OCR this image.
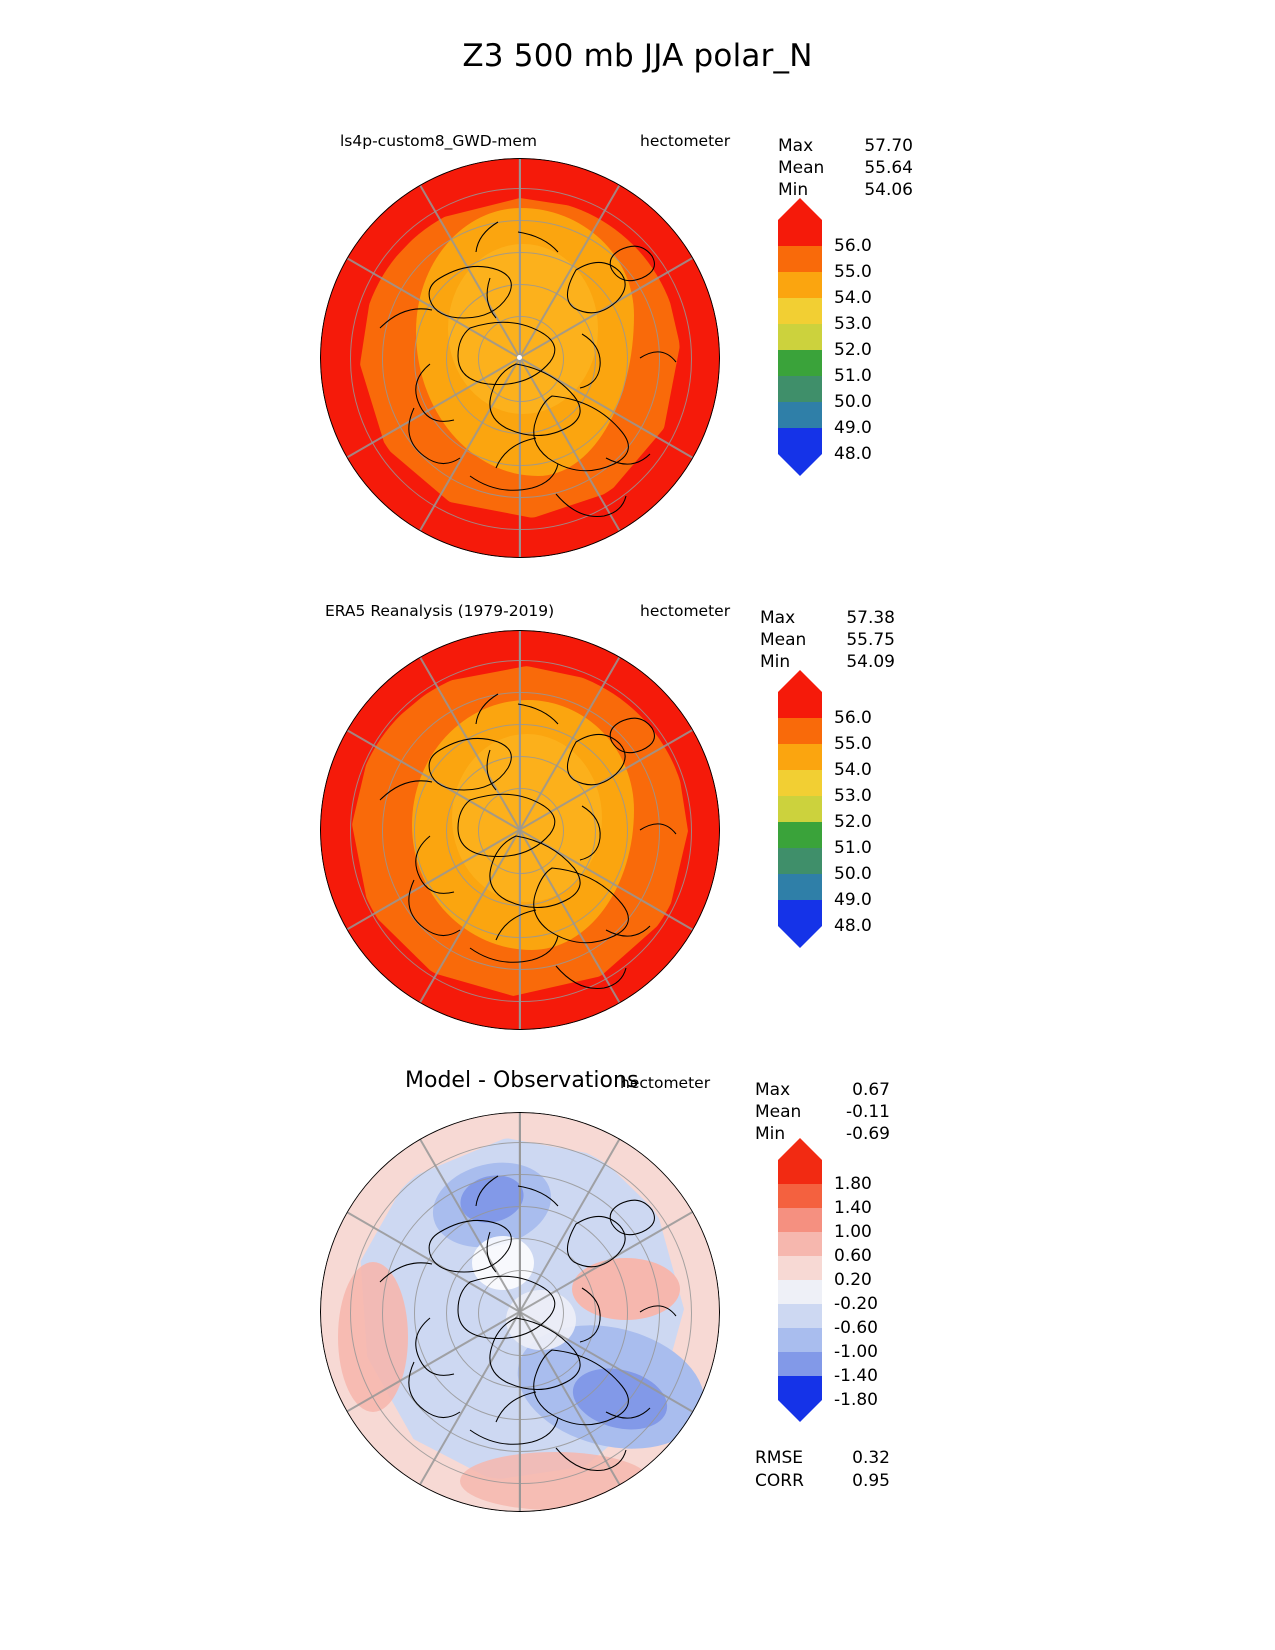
Z3 500 mb JJA polar_N
ls4p-custom8_GWD-mem	hectometer	Max	57.70
Mean 55.64
Min	54.06
56.0
55.0
54.0
53.0
52.0
51.0
50.0
49.0
48.0
ERA5 Reanalysis (1979-2019)	hectometer Max	57.38
Mean 55.75
Min	54.09
56.0
55.0
54.0
53.0
52.0
51.0
50.0
49.0
48.0
Model - Observations
hectometer	Max	0.67
Mean	-0.11
Min	-0.69
1.80
1.40
1.00
0.60
0.20
-0.20
-0.60
-1.00
-1.40
-1.80
RMSE	0.32
CORR	0.95
